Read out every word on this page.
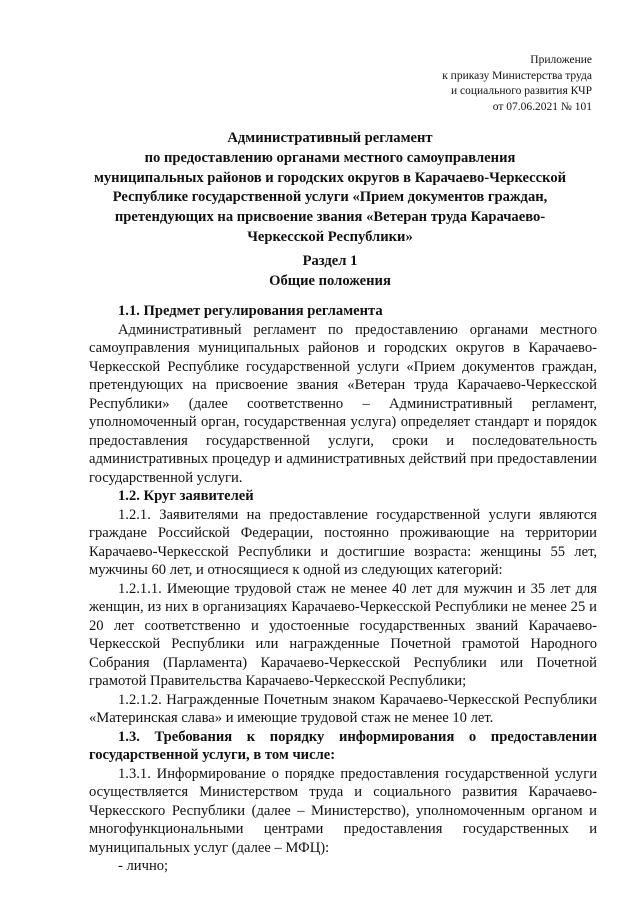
Приложение
к приказу Министерства труда
и социального развития КЧР
от 07.06.2021 № 101
Административный регламент
по предоставлению органами местного самоуправления
муниципальных районов и городских округов в Карачаево-Черкесской
Республике государственной услуги «Прием документов граждан,
претендующих на присвоение звания «Ветеран труда Карачаево-
Черкесской Республики»
Раздел 1
Общие положения

1.1. Предмет регулирования регламента

Административный регламент по предоставлению органами местного самоуправления муниципальных районов и городских округов в Карачаево-Черкесской Республике государственной услуги «Прием документов граждан, претендующих на присвоение звания «Ветеран труда Карачаево-Черкесской Республики» (далее соответственно – Административный регламент, уполномоченный орган, государственная услуга) определяет стандарт и порядок предоставления государственной услуги, сроки и последовательность административных процедур и административных действий при предоставлении государственной услуги.

1.2. Круг заявителей

1.2.1. Заявителями на предоставление государственной услуги являются граждане Российской Федерации, постоянно проживающие на территории Карачаево-Черкесской Республики и достигшие возраста: женщины 55 лет, мужчины 60 лет, и относящиеся к одной из следующих категорий:

1.2.1.1. Имеющие трудовой стаж не менее 40 лет для мужчин и 35 лет для женщин, из них в организациях Карачаево-Черкесской Республики не менее 25 и 20 лет соответственно и удостоенные государственных званий Карачаево-Черкесской Республики или награжденные Почетной грамотой Народного Собрания (Парламента) Карачаево-Черкесской Республики или Почетной грамотой Правительства Карачаево-Черкесской Республики;

1.2.1.2. Награжденные Почетным знаком Карачаево-Черкесской Республики «Материнская слава» и имеющие трудовой стаж не менее 10 лет.

1.3. Требования к порядку информирования о предоставлении государственной услуги, в том числе:

1.3.1. Информирование о порядке предоставления государственной услуги осуществляется Министерством труда и социального развития Карачаево-Черкесского Республики (далее – Министерство), уполномоченным органом и многофункциональными центрами предоставления государственных и муниципальных услуг (далее – МФЦ):

- лично;
